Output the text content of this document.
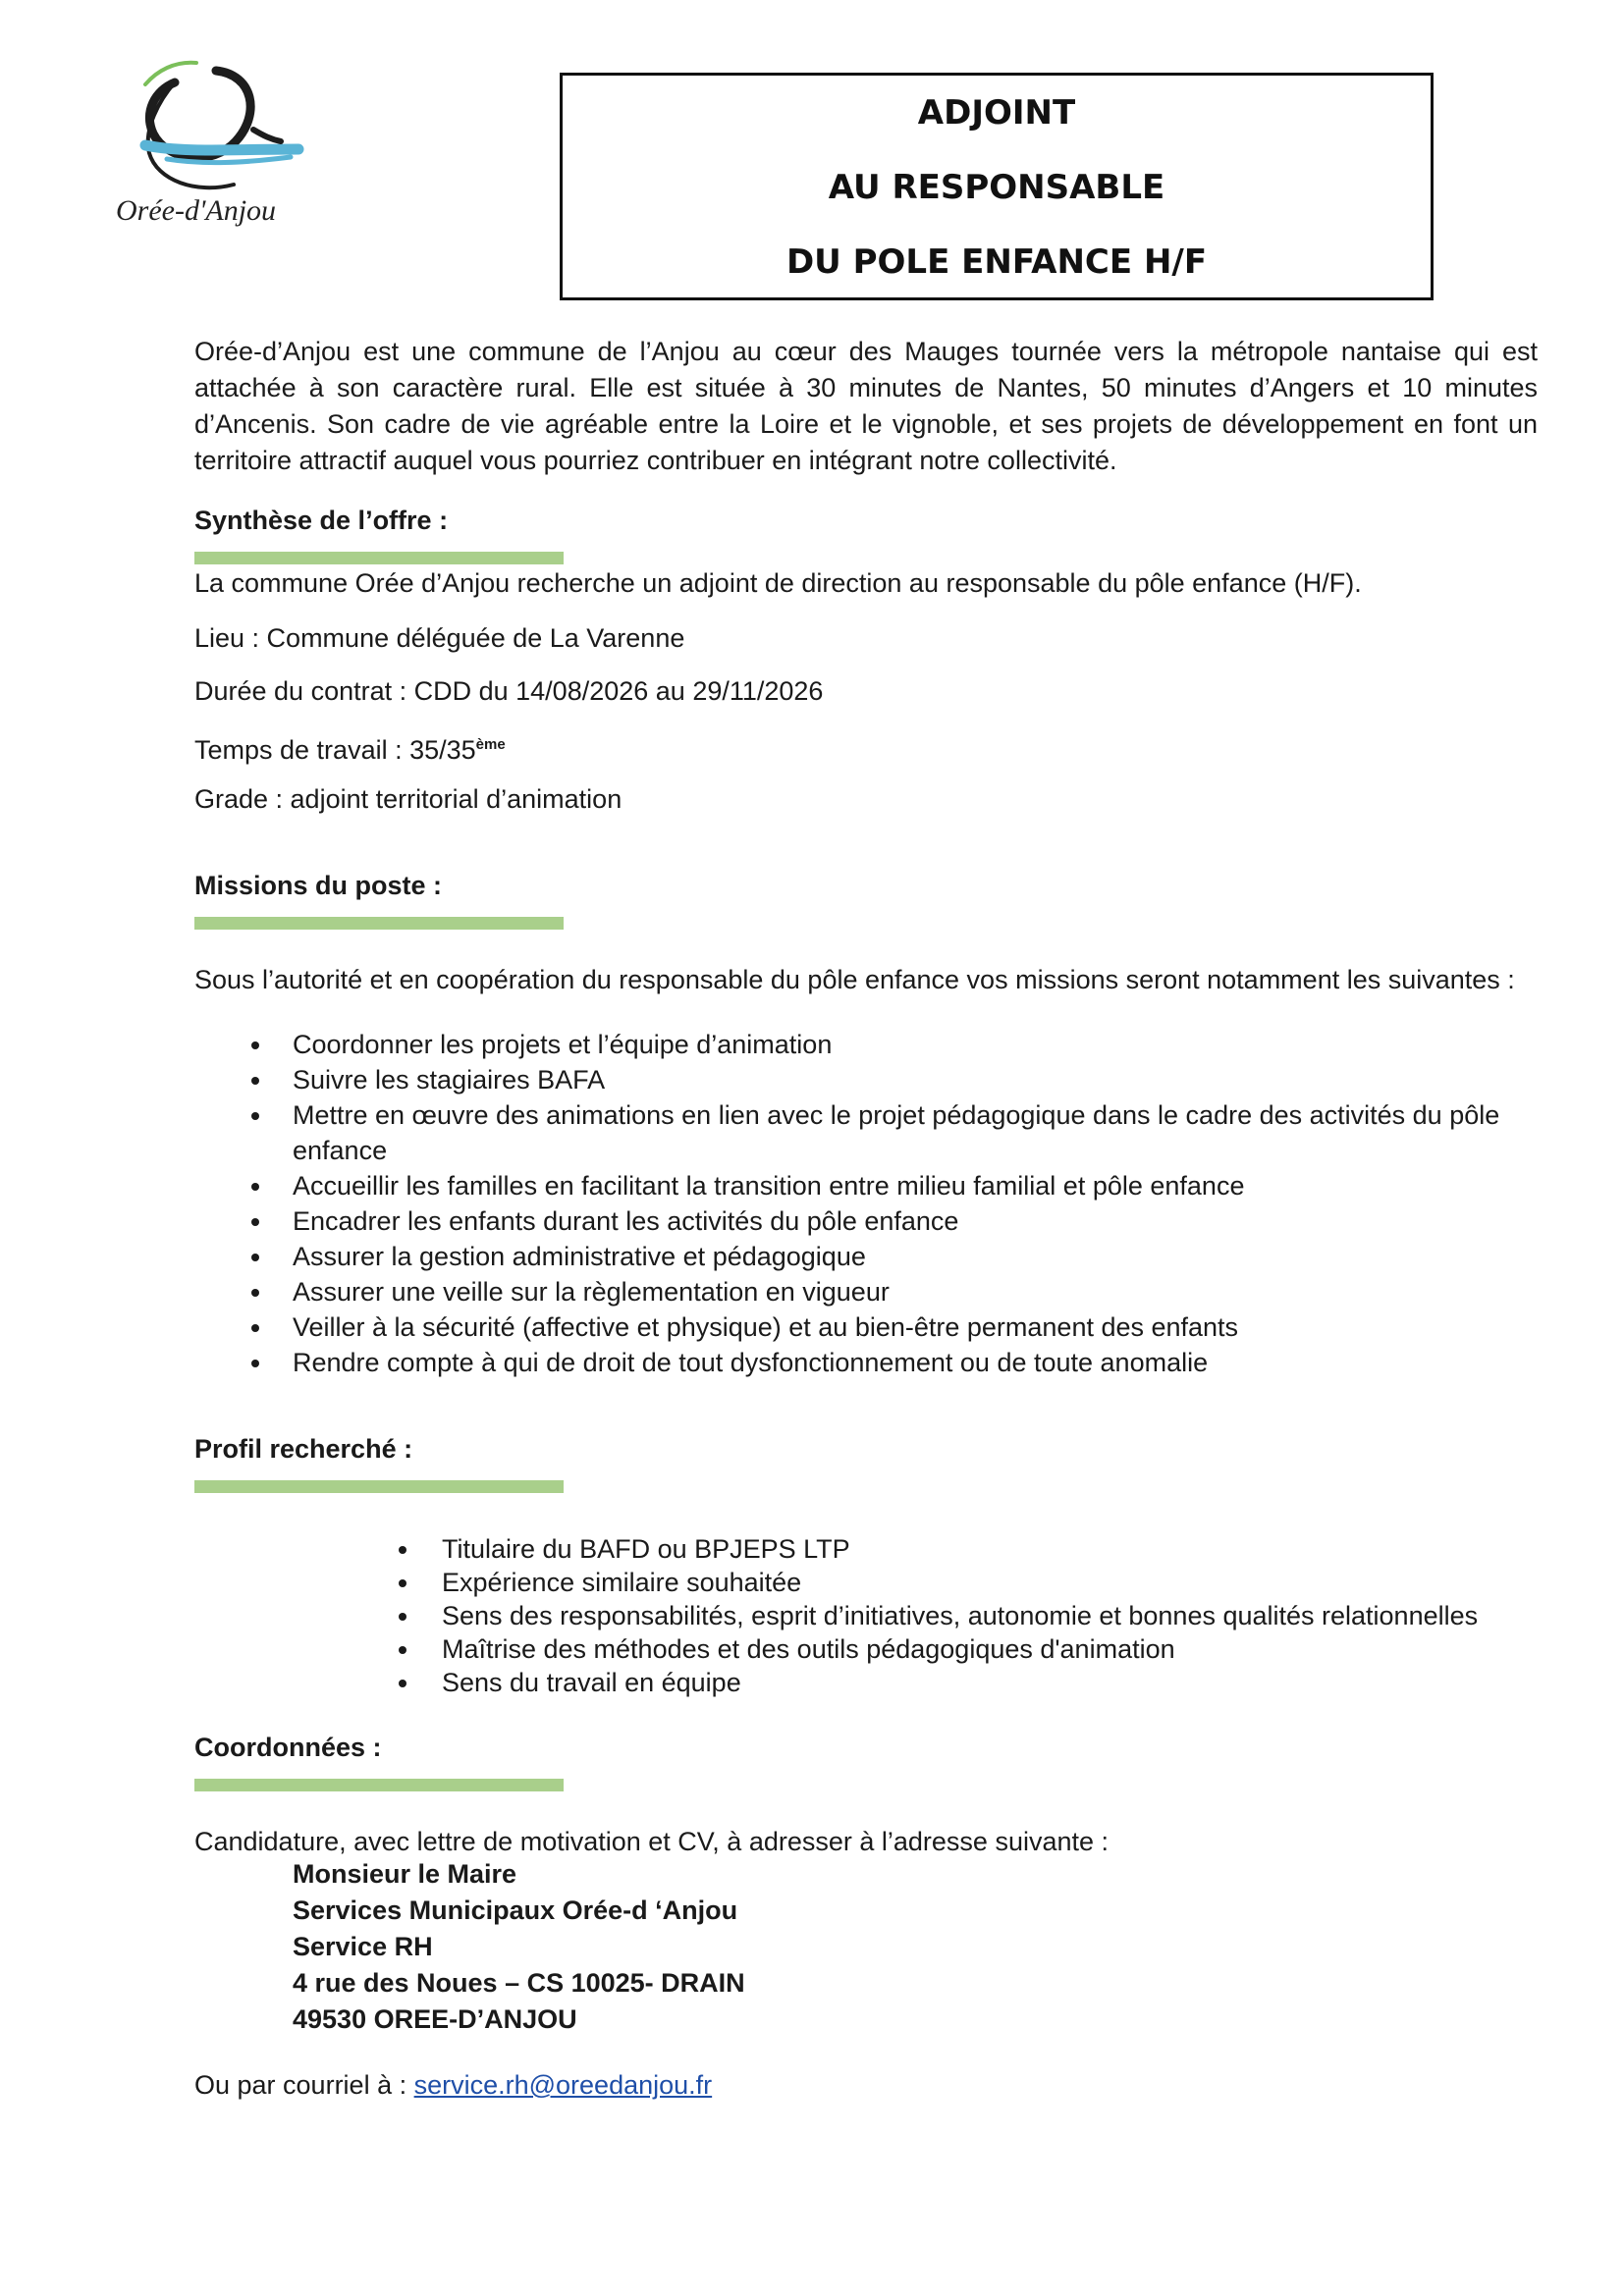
Orée-d'Anjou
ADJOINT
AU RESPONSABLE
DU POLE ENFANCE H/F
Orée-d’Anjou est une commune de l’Anjou au cœur des Mauges tournée vers la métropole nantaise qui est attachée à son caractère rural. Elle est située à 30 minutes de Nantes, 50 minutes d’Angers et 10 minutes d’Ancenis. Son cadre de vie agréable entre la Loire et le vignoble, et ses projets de développement en font un territoire attractif auquel vous pourriez contribuer en intégrant notre collectivité.
Synthèse de l’offre :
La commune Orée d’Anjou recherche un adjoint de direction au responsable du pôle enfance (H/F).
Lieu : Commune déléguée de La Varenne
Durée du contrat : CDD du 14/08/2026 au 29/11/2026
Temps de travail : 35/35ème
Grade : adjoint territorial d’animation
Missions du poste :
Sous l’autorité et en coopération du responsable du pôle enfance vos missions seront notamment les suivantes :
Coordonner les projets et l’équipe d’animation
Suivre les stagiaires BAFA
Mettre en œuvre des animations en lien avec le projet pédagogique dans le cadre des activités du pôle enfance
Accueillir les familles en facilitant la transition entre milieu familial et pôle enfance
Encadrer les enfants durant les activités du pôle enfance
Assurer la gestion administrative et pédagogique
Assurer une veille sur la règlementation en vigueur
Veiller à la sécurité (affective et physique) et au bien-être permanent des enfants
Rendre compte à qui de droit de tout dysfonctionnement ou de toute anomalie
Profil recherché :
Titulaire du BAFD ou BPJEPS LTP
Expérience similaire souhaitée
Sens des responsabilités, esprit d’initiatives, autonomie et bonnes qualités relationnelles
Maîtrise des méthodes et des outils pédagogiques d'animation
Sens du travail en équipe
Coordonnées :
Candidature, avec lettre de motivation et CV, à adresser à l’adresse suivante :
Monsieur le Maire
Services Municipaux Orée-d ‘Anjou
Service RH
4 rue des Noues – CS 10025- DRAIN
49530 OREE-D’ANJOU
Ou par courriel à : service.rh@oreedanjou.fr
